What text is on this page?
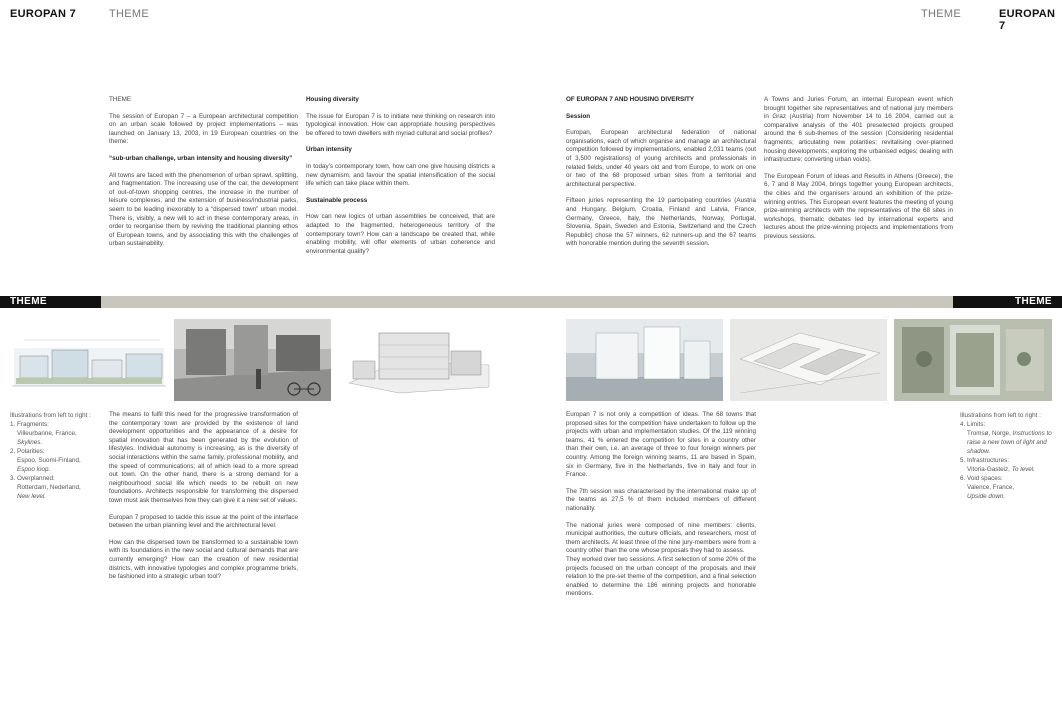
EUROPAN 7	THEME	THEME	EUROPAN 7

THEME

The session of Europan 7 – a European architectural competition on an urban scale followed by project implementations – was launched on January 13, 2003, in 19 European countries on the theme:

“sub-urban challenge, urban intensity and housing diversity”

All towns are faced with the phenomenon of urban sprawl, splitting, and fragmentation. The increasing use of the car, the development of out-of-town shopping centres, the increase in the number of leisure complexes, and the extension of business/industrial parks, seem to be leading inexorably to a “dispersed town” urban model. There is, visibly, a new will to act in these contemporary areas, in order to reorganise them by reviving the traditional planning ethos of European towns, and by associating this with the challenges of urban sustainability.

Housing diversity

The issue for Europan 7 is to initiate new thinking on research into typological innovation. How can appropriate housing perspectives be offered to town dwellers with myriad cultural and social profiles?

Urban intensity

In today’s contemporary town, how can one give housing districts a new dynamism, and favour the spatial intensification of the social life which can take place within them.

Sustainable process

How can new logics of urban assemblies be conceived, that are adapted to the fragmented, heterogeneous territory of the contemporary town? How can a landscape be created that, while enabling mobility, will offer elements of urban coherence and environmental quality?

OF EUROPAN 7 AND HOUSING DIVERSITY

Session

Europan, European architectural federation of national organisations, each of which organise and manage an architectural competition followed by implementations, enabled 2,031 teams (out of 3,500 registrations) of young architects and professionals in related fields, under 40 years old and from Europe, to work on one or two of the 68 proposed urban sites from a territorial and architectural perspective.

Fifteen juries representing the 19 participating countries (Austria and Hungary, Belgium, Croatia, Finland and Latvia, France, Germany, Greece, Italy, the Netherlands, Norway, Portugal, Slovenia, Spain, Sweden and Estonia, Switzerland and the Czech Republic) chose the 57 winners, 62 runners-up and the 67 teams with honorable mention during the seventh session.

A Towns and Juries Forum, an internal European event which brought together site representatives and of national jury members in Graz (Austria) from November 14 to 16 2004, carried out a comparative analysis of the 401 preselected projects grouped around the 6 sub-themes of the session (Considering residential fragments; articulating new polarities; revitalising over-planned housing developments; exploring the urbanised edges; dealing with infrastructure; converting urban voids).

The European Forum of Ideas and Results in Athens (Greece), the 6, 7 and 8 May 2004, brings together young European architects, the cities and the organisers around an exhibition of the prize-winning entries. This European event features the meeting of young prize-winning architects with the representatives of the 68 sites in workshops, thematic debates led by international experts and lectures about the prize-winning projects and implementations from previous sessions.

THEME	THEME
Illustrations from left to right :
1. Fragments:
Villeurbanne, France,
Skylines.
2. Polarities:
Espoo, Suomi-Finland,
Espoo loop.
3. Overplanned:
Rotterdam, Nederland,
New level.
Illustrations from left to right :
4. Limits:
Tromsø, Norge, Instructions to raise a new town of light and shadow.
5. Infrastructures:
Vitoria-Gasteiz, To level.
6. Void spaces:
Valence, France,
Upside down.

The means to fulfil this need for the progressive transformation of the contemporary town are provided by the existence of land development opportunities and the appearance of a desire for spatial innovation that has been generated by the evolution of lifestyles. Individual autonomy is increasing, as is the diversity of social interactions within the same family, professional mobility, and the speed of communications; all of which lead to a more spread out town. On the other hand, there is a strong demand for a neighbourhood social life which needs to be rebuilt on new foundations. Architects responsible for transforming the dispersed town must ask themselves how they can give it a new set of values.

Europan 7 proposed to tackle this issue at the point of the interface between the urban planning level and the architectural level.

How can the dispersed town be transformed to a sustainable town with its foundations in the new social and cultural demands that are currently emerging? How can the creation of new residential districts, with innovative typologies and complex programme briefs, be fashioned into a strategic urban tool?

Europan 7 is not only a competition of ideas. The 68 towns that proposed sites for the competition have undertaken to follow up the projects with urban and implementation studies. Of the 119 winning teams, 41 % entered the competition for sites in a country other than their own, i.e. an average of three to four foreign winners per country. Among the foreign winning teams, 11 are based in Spain, six in Germany, five in the Netherlands, five in Italy and four in France.

The 7th session was characterised by the international make up of the teams as 27,5 % of them included members of different nationality.

The national juries were composed of nine members: clients, municipal authorities, the culture officials, and researchers, most of them architects. At least three of the nine jury-members were from a country other than the one whose proposals they had to assess.

They worked over two sessions. A first selection of some 20% of the projects focused on the urban concept of the proposals and their relation to the pre-set theme of the competition, and a final selection enabled to determine the 186 winning projects and honorable mentions.
